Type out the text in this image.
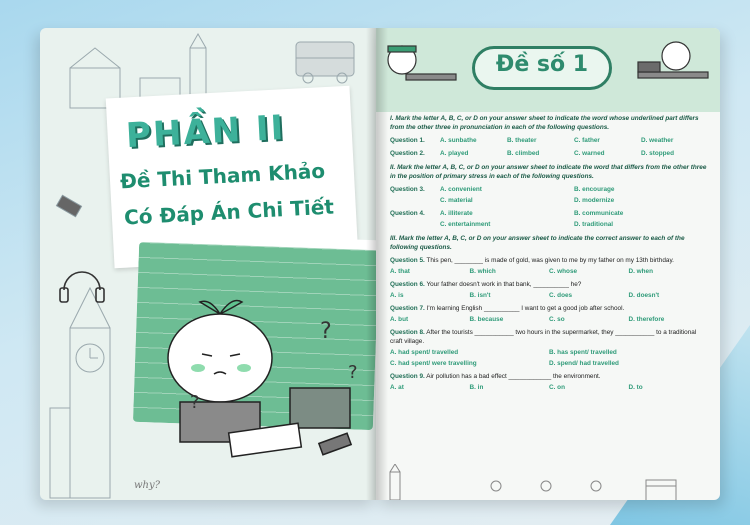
PHẦN II
Đề Thi Tham Khảo
Có Đáp Án Chi Tiết
?
?
?
why?
Đề số 1
I. Mark the letter A, B, C, or D on your answer sheet to indicate the word whose underlined part differs from the other three in pronunciation in each of the following questions.
Question 1.	A. sunbathe	B. theater	C. father	D. weather
Question 2.	A. played	B. climbed	C. warned	D. stopped
II. Mark the letter A, B, C, or D on your answer sheet to indicate the word that differs from the other three in the position of primary stress in each of the following questions.
Question 3.	A. convenient	B. encourage
C. material	D. modernize
Question 4.	A. illiterate	B. communicate
C. entertainment	D. traditional
III. Mark the letter A, B, C, or D on your answer sheet to indicate the correct answer to each of the following questions.
Question 5. This pen, ________ is made of gold, was given to me by my father on my 13th birthday.
A. that	B. which	C. whose	D. when
Question 6. Your father doesn't work in that bank, __________ he?
A. is	B. isn't	C. does	D. doesn't
Question 7. I'm learning English __________ I want to get a good job after school.
A. but	B. because	C. so	D. therefore
Question 8. After the tourists ___________ two hours in the supermarket, they ___________ to a traditional craft village.
A. had spent/ travelled	B. has spent/ travelled
C. had spent/ were travelling	D. spend/ had travelled
Question 9. Air pollution has a bad effect ____________ the environment.
A. at	B. in	C. on	D. to
